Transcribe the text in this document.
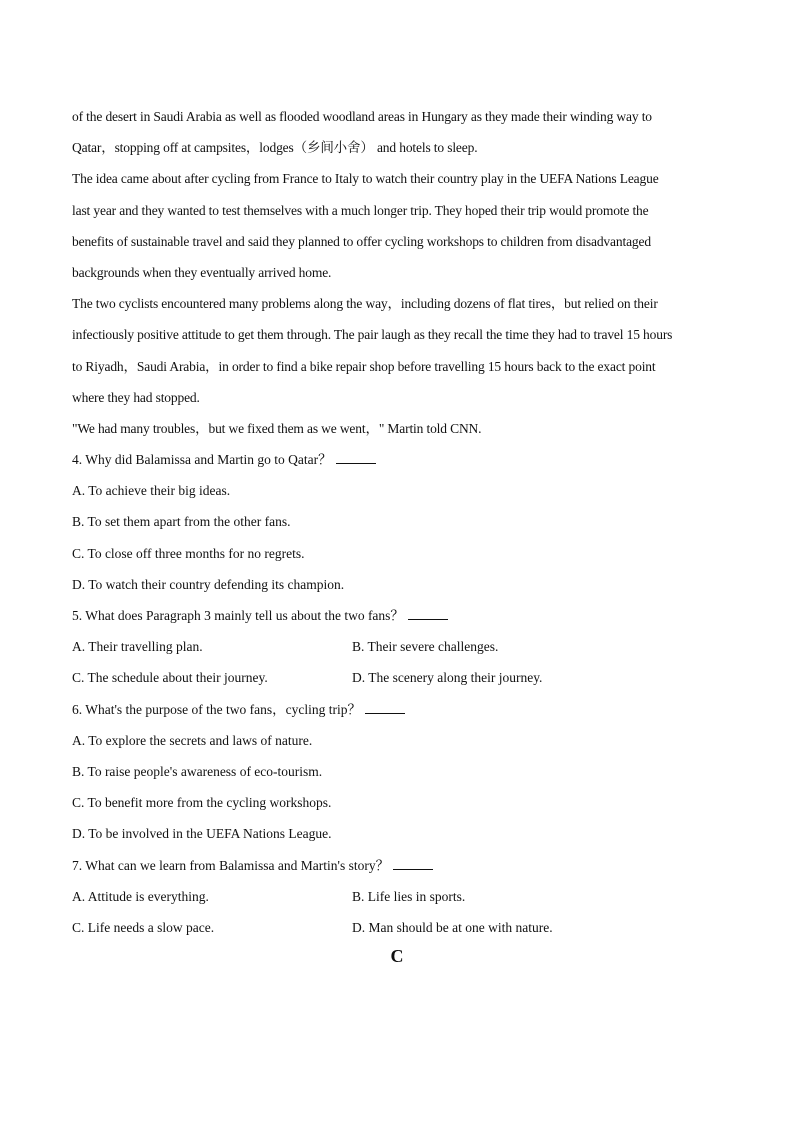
of the desert in Saudi Arabia as well as flooded woodland areas in Hungary as they made their winding way to
Qatar，stopping off at campsites，lodges（乡间小舍） and hotels to sleep.
The idea came about after cycling from France to Italy to watch their country play in the UEFA Nations League
last year and they wanted to test themselves with a much longer trip. They hoped their trip would promote the
benefits of sustainable travel and said they planned to offer cycling workshops to children from disadvantaged
backgrounds when they eventually arrived home.
The two cyclists encountered many problems along the way，including dozens of flat tires，but relied on their
infectiously positive attitude to get them through. The pair laugh as they recall the time they had to travel 15 hours
to Riyadh，Saudi Arabia，in order to find a bike repair shop before travelling 15 hours back to the exact point
where they had stopped.
"We had many troubles，but we fixed them as we went，" Martin told CNN.
4. Why did Balamissa and Martin go to Qatar？
A. To achieve their big ideas.
B. To set them apart from the other fans.
C. To close off three months for no regrets.
D. To watch their country defending its champion.
5. What does Paragraph 3 mainly tell us about the two fans？
A. Their travelling plan.	B. Their severe challenges.
C. The schedule about their journey.	D. The scenery along their journey.
6. What's the purpose of the two fans，cycling trip？
A. To explore the secrets and laws of nature.
B. To raise people's awareness of eco-tourism.
C. To benefit more from the cycling workshops.
D. To be involved in the UEFA Nations League.
7. What can we learn from Balamissa and Martin's story？
A. Attitude is everything.	B. Life lies in sports.
C. Life needs a slow pace.	D. Man should be at one with nature.
C
